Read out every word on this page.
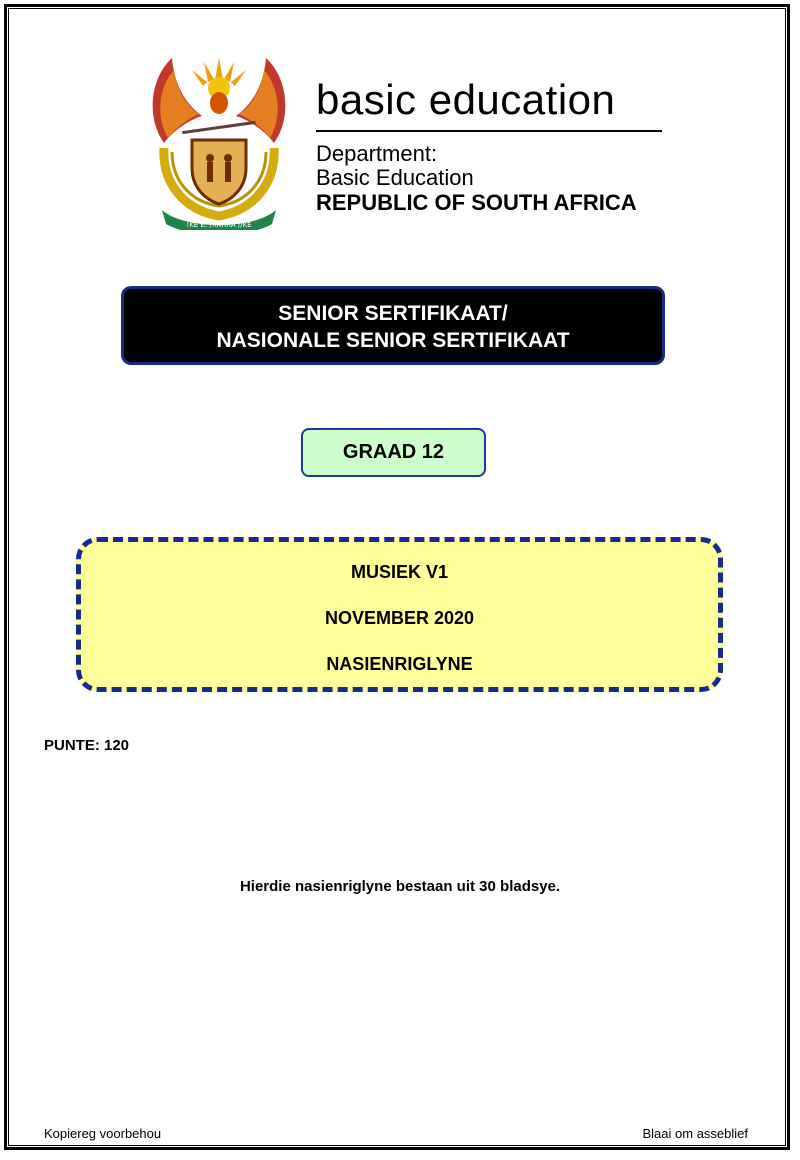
!KE E: /XARRA //KE
basic education
Department:
Basic Education
REPUBLIC OF SOUTH AFRICA
SENIOR SERTIFIKAAT/
NASIONALE SENIOR SERTIFIKAAT
GRAAD 12
MUSIEK V1
NOVEMBER 2020
NASIENRIGLYNE
PUNTE: 120
Hierdie nasienriglyne bestaan uit 30 bladsye.
Kopiereg voorbehou	Blaai om asseblief
